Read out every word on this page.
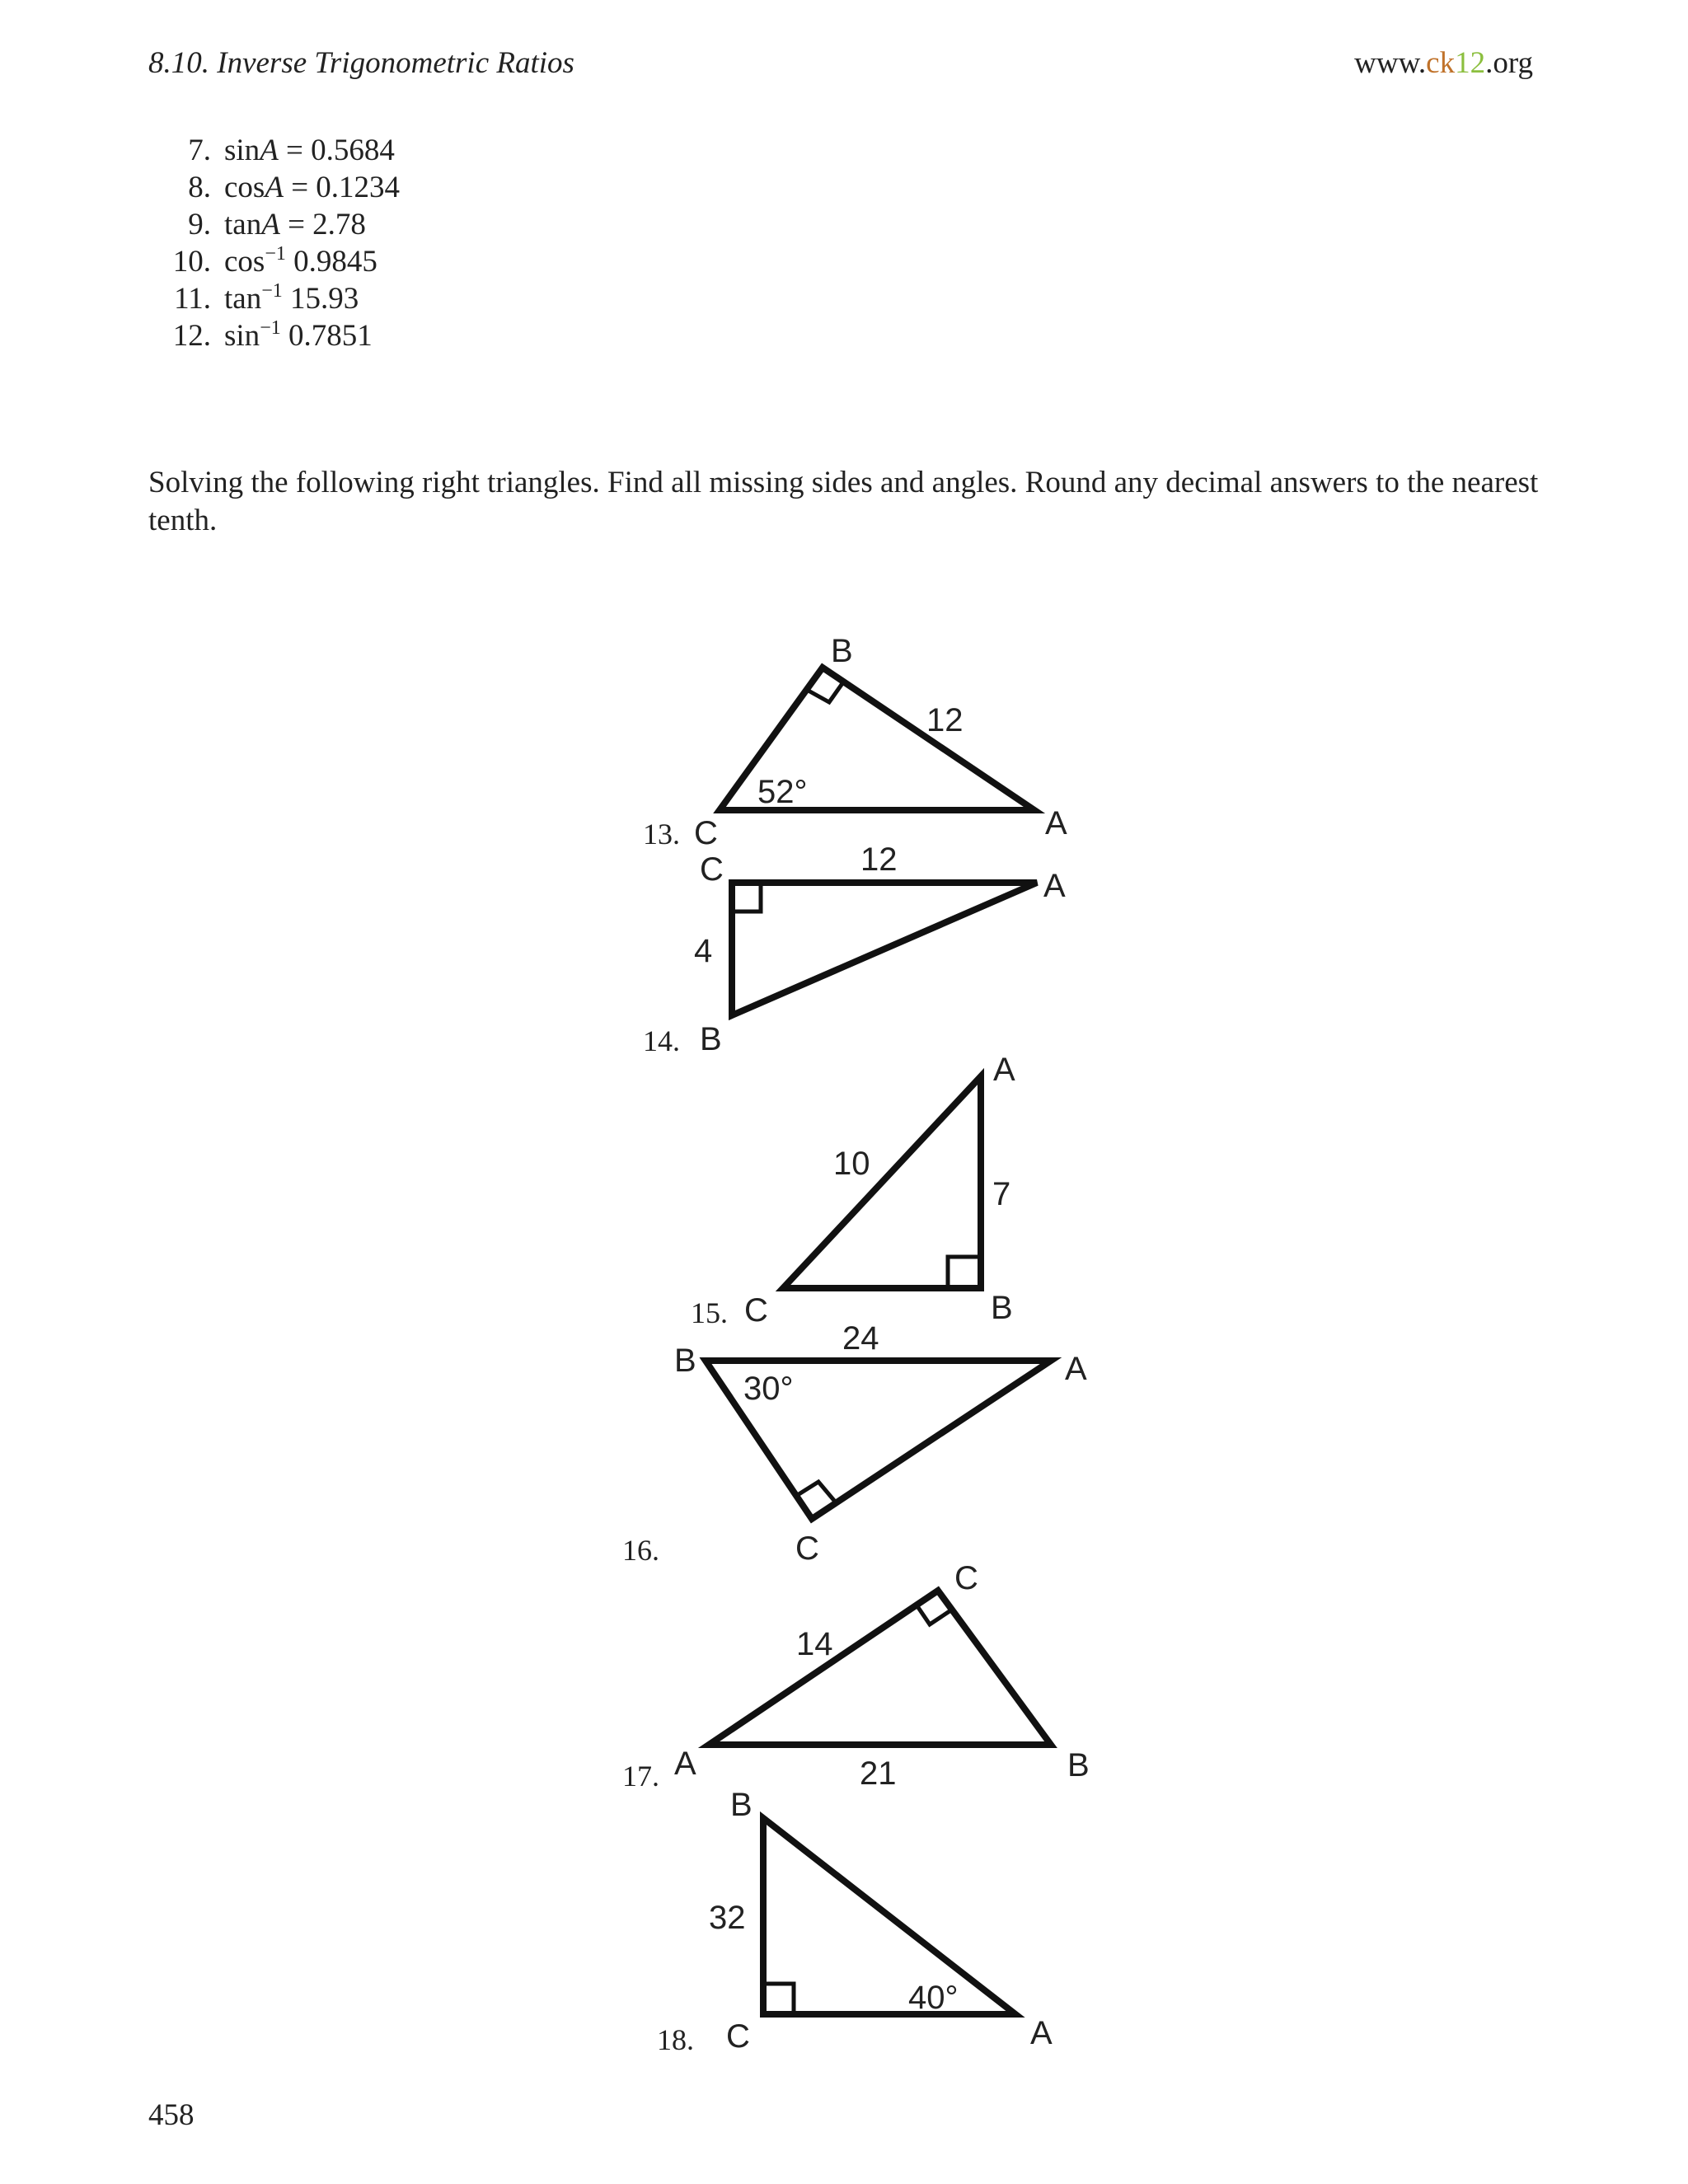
8.10. Inverse Trigonometric Ratios	www.ck12.org
7. sinA = 0.5684
8. cosA = 0.1234
9. tanA = 2.78
10. $\cos^{-1} 0.9845$
11. $\tan^{-1} 15.93$
12. $\sin^{-1} 0.7851$
Solving the following right triangles. Find all missing sides and angles. Round any decimal answers to the nearest tenth.
13.
B
12
52°
A
C
C	12
A
4
14. B
A
10
7
15. C	B
24
B
30°
A
16.	C
C
14
17. A	21	B
B
32
40°
18. C	A
458
